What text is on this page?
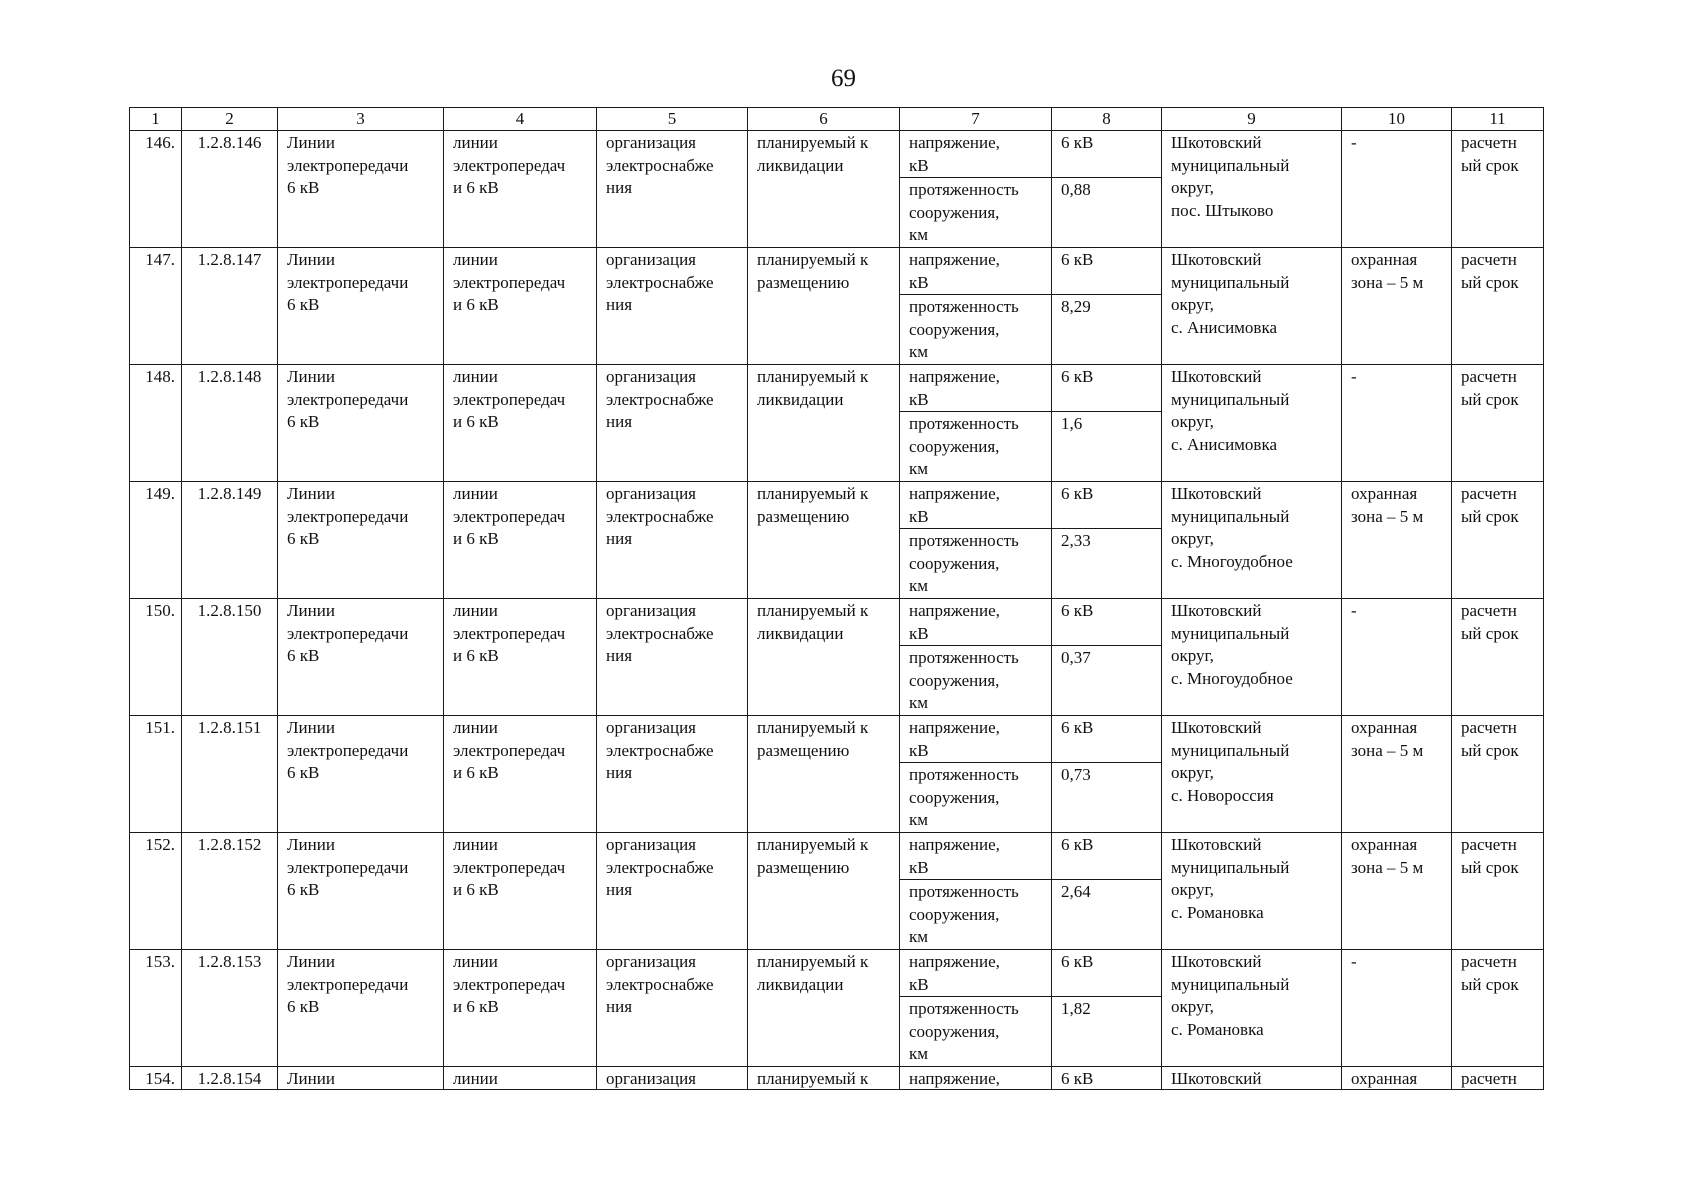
69
1	2	3	4	5	6	7	8	9	10	11
146.	1.2.8.146	Линии
электропередачи
6 кВ	линии
электропередач
и 6 кВ	организация
электроснабже
ния	планируемый к
ликвидации	напряжение,
кВ	6 кВ	Шкотовский
муниципальный
округ,
пос. Штыково	-	расчетн
ый срок
						протяженность
сооружения,
км	0,88			
147.	1.2.8.147	Линии
электропередачи
6 кВ	линии
электропередач
и 6 кВ	организация
электроснабже
ния	планируемый к
размещению	напряжение,
кВ	6 кВ	Шкотовский
муниципальный
округ,
с. Анисимовка	охранная
зона – 5 м	расчетн
ый срок
						протяженность
сооружения,
км	8,29			
148.	1.2.8.148	Линии
электропередачи
6 кВ	линии
электропередач
и 6 кВ	организация
электроснабже
ния	планируемый к
ликвидации	напряжение,
кВ	6 кВ	Шкотовский
муниципальный
округ,
с. Анисимовка	-	расчетн
ый срок
						протяженность
сооружения,
км	1,6			
149.	1.2.8.149	Линии
электропередачи
6 кВ	линии
электропередач
и 6 кВ	организация
электроснабже
ния	планируемый к
размещению	напряжение,
кВ	6 кВ	Шкотовский
муниципальный
округ,
с. Многоудобное	охранная
зона – 5 м	расчетн
ый срок
						протяженность
сооружения,
км	2,33			
150.	1.2.8.150	Линии
электропередачи
6 кВ	линии
электропередач
и 6 кВ	организация
электроснабже
ния	планируемый к
ликвидации	напряжение,
кВ	6 кВ	Шкотовский
муниципальный
округ,
с. Многоудобное	-	расчетн
ый срок
						протяженность
сооружения,
км	0,37			
151.	1.2.8.151	Линии
электропередачи
6 кВ	линии
электропередач
и 6 кВ	организация
электроснабже
ния	планируемый к
размещению	напряжение,
кВ	6 кВ	Шкотовский
муниципальный
округ,
с. Новороссия	охранная
зона – 5 м	расчетн
ый срок
						протяженность
сооружения,
км	0,73			
152.	1.2.8.152	Линии
электропередачи
6 кВ	линии
электропередач
и 6 кВ	организация
электроснабже
ния	планируемый к
размещению	напряжение,
кВ	6 кВ	Шкотовский
муниципальный
округ,
с. Романовка	охранная
зона – 5 м	расчетн
ый срок
						протяженность
сооружения,
км	2,64			
153.	1.2.8.153	Линии
электропередачи
6 кВ	линии
электропередач
и 6 кВ	организация
электроснабже
ния	планируемый к
ликвидации	напряжение,
кВ	6 кВ	Шкотовский
муниципальный
округ,
с. Романовка	-	расчетн
ый срок
						протяженность
сооружения,
км	1,82			
154.	1.2.8.154	Линии	линии	организация	планируемый к	напряжение,	6 кВ	Шкотовский	охранная	расчетн
